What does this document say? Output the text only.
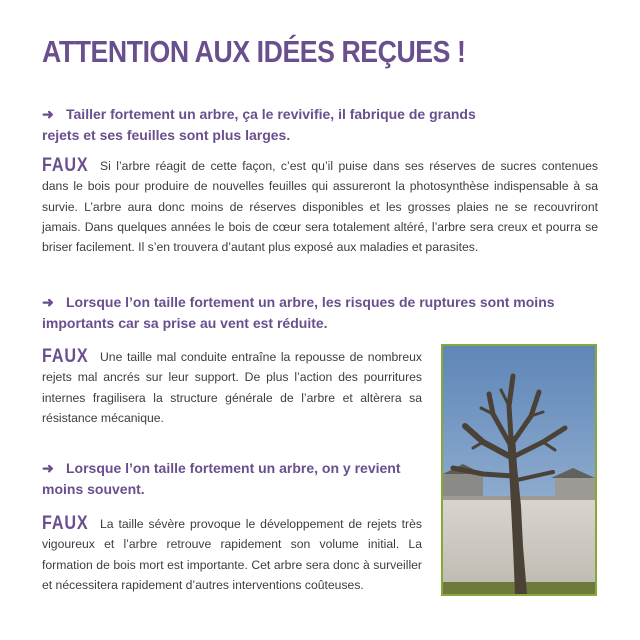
ATTENTION AUX IDÉES REÇUES !
➜ Tailler fortement un arbre, ça le revivifie, il fabrique de grands rejets et ses feuilles sont plus larges.
FAUX Si l’arbre réagit de cette façon, c’est qu’il puise dans ses réserves de sucres contenues dans le bois pour produire de nouvelles feuilles qui assureront la photosynthèse indispensable à sa survie. L’arbre aura donc moins de réserves disponibles et les grosses plaies ne se recouvriront jamais. Dans quelques années le bois de cœur sera totalement altéré, l’arbre sera creux et pourra se briser facilement. Il s’en trouvera d’autant plus exposé aux maladies et parasites.
➜ Lorsque l’on taille fortement un arbre, les risques de ruptures sont moins importants car sa prise au vent est réduite.
FAUX Une taille mal conduite entraîne la repousse de nombreux rejets mal ancrés sur leur support. De plus l’action des pourritures internes fragilisera la structure générale de l’arbre et altèrera sa résistance mécanique.
➜ Lorsque l’on taille fortement un arbre, on y revient moins souvent.
FAUX La taille sévère provoque le développement de rejets très vigoureux et l’arbre retrouve rapidement son volume initial. La formation de bois mort est importante. Cet arbre sera donc à surveiller et nécessitera rapidement d’autres interventions coûteuses.
